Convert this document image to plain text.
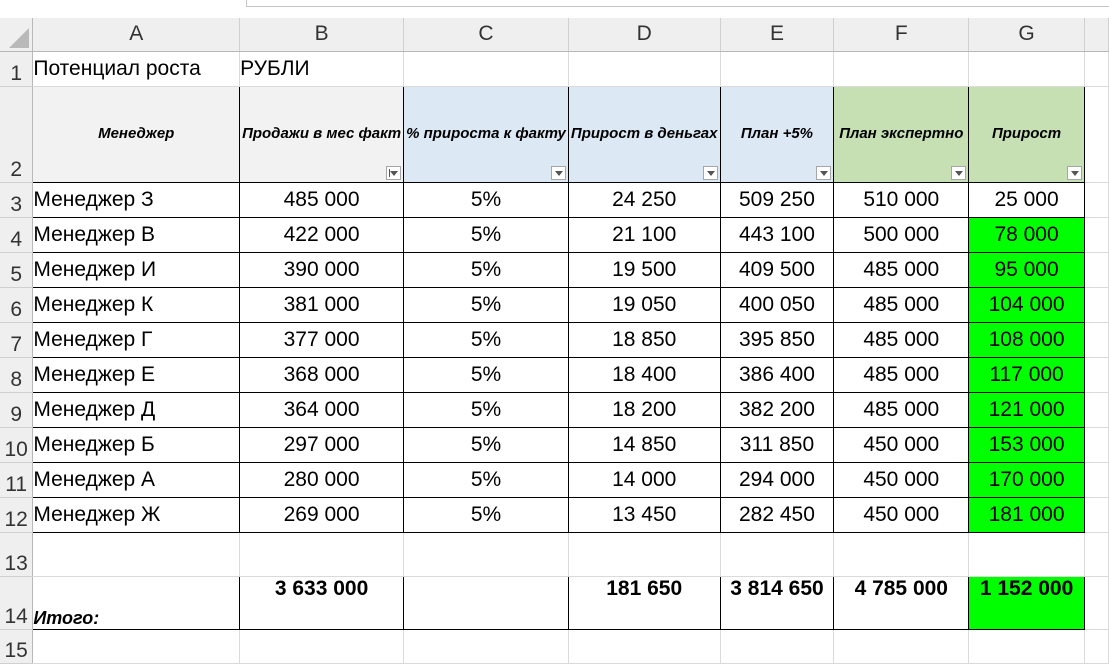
	A	B	C	D	E	F	G	
1	Потенциал роста	РУБЛИ						
2	Менеджер	Продажи в мес факт	% прироста к факту	Прирост в деньгах	План +5%	План экспертно	Прирост	

3	Менеджер З	485 000	5%	24 250	509 250	510 000	25 000	
4	Менеджер В	422 000	5%	21 100	443 100	500 000	78 000	
5	Менеджер И	390 000	5%	19 500	409 500	485 000	95 000	
6	Менеджер К	381 000	5%	19 050	400 050	485 000	104 000	
7	Менеджер Г	377 000	5%	18 850	395 850	485 000	108 000	
8	Менеджер Е	368 000	5%	18 400	386 400	485 000	117 000	
9	Менеджер Д	364 000	5%	18 200	382 200	485 000	121 000	
10	Менеджер Б	297 000	5%	14 850	311 850	450 000	153 000	
11	Менеджер А	280 000	5%	14 000	294 000	450 000	170 000	
12	Менеджер Ж	269 000	5%	13 450	282 450	450 000	181 000	
13								
14	Итого:	3 633 000		181 650	3 814 650	4 785 000	1 152 000	
15								
